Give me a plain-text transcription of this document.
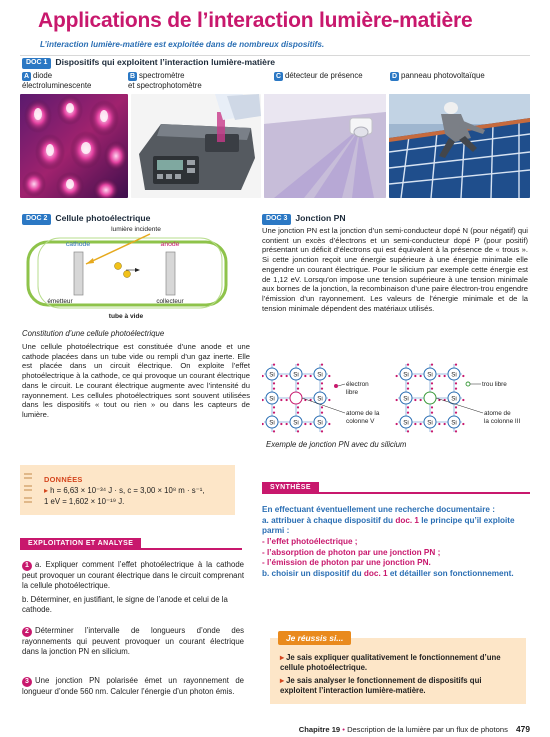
Applications de l’interaction lumière-matière
L’interaction lumière-matière est exploitée dans de nombreux dispositifs.
DOC 1 Dispositifs qui exploitent l’interaction lumière-matière
A diode
électroluminescente
B spectromètre
et spectrophotomètre
C détecteur de présence	D panneau photovoltaïque
DOC 2 Cellule photoélectrique
lumière incidente
cathode	anode
émetteur	collecteur
tube à vide
Constitution d’une cellule photoélectrique
Une cellule photoélectrique est constituée d’une anode et une cathode placées dans un tube vide ou rempli d’un gaz inerte. Elle est placée dans un circuit électrique. On exploite l’effet photoélectrique à la cathode, ce qui provoque un courant électrique dans le circuit. Le courant électrique augmente avec l’intensité du rayonnement. Les cellules photoélectriques sont souvent utilisées dans les dispositifs « tout ou rien » ou dans les capteurs de lumière.
DOC 3 Jonction PN
Une jonction PN est la jonction d’un semi-conducteur dopé N (pour négatif) qui contient un excès d’électrons et un semi-conducteur dopé P (pour positif) présentant un déficit d’électrons qui est équivalent à la présence de « trous ». Si cette jonction reçoit une énergie supérieure à une énergie minimale elle engendre un courant électrique. Pour le silicium par exemple cette énergie est de 1,12 eV. Lorsqu’on impose une tension supérieure à une tension minimale aux bornes de la jonction, la recombinaison d’une paire électron-trou engendre l’émission d’un rayonnement. Les valeurs de l’énergie minimale et de la tension minimale dépendent des matériaux utilisés.
Si	Si	Si
Si	Si
Si	Si	Si
Si	Si	Si
Si	Si
Si	Si	Si
électron
libre
atome de la
colonne V
trou libre
atome de
la colonne III
Exemple de jonction PN avec du silicium
DONNÉES
▸ h = 6,63 × 10⁻³⁴ J · s, c = 3,00 × 10⁸ m · s⁻¹,
1 eV = 1,602 × 10⁻¹⁹ J.
EXPLOITATION ET ANALYSE
1 a. Expliquer comment l’effet photoélectrique à la cathode peut provoquer un courant électrique dans le circuit comprenant la cellule photoélectrique.
b. Déterminer, en justifiant, le signe de l’anode et celui de la cathode.
2 Déterminer l’intervalle de longueurs d’onde des rayonnements qui peuvent provoquer un courant électrique dans la jonction PN en silicium.
3 Une jonction PN polarisée émet un rayonnement de longueur d’onde 560 nm. Calculer l’énergie d’un photon émis.
SYNTHÈSE
En effectuant éventuellement une recherche documentaire :
a. attribuer à chaque dispositif du doc. 1 le principe qu’il exploite parmi :
- l’effet photoélectrique ;
- l’absorption de photon par une jonction PN ;
- l’émission de photon par une jonction PN.
b. choisir un dispositif du doc. 1 et détailler son fonctionnement.
Je réussis si...
▸ Je sais expliquer qualitativement le fonctionnement d’une cellule photoélectrique.
▸ Je sais analyser le fonctionnement de dispositifs qui exploitent l’interaction lumière-matière.
Chapitre 19 • Description de la lumière par un flux de photons 479
